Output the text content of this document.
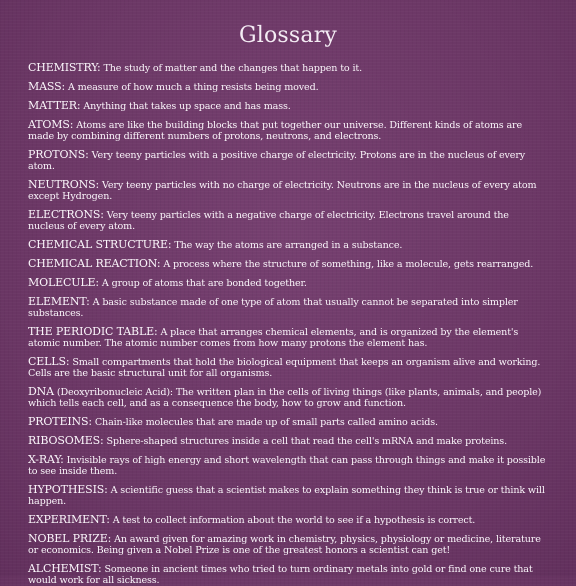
Glossary
CHEMISTRY: The study of matter and the changes that happen to it.
MASS: A measure of how much a thing resists being moved.
MATTER: Anything that takes up space and has mass.
ATOMS: Atoms are like the building blocks that put together our universe. Different kinds of atoms are made by combining different numbers of protons, neutrons, and electrons.
PROTONS: Very teeny particles with a positive charge of electricity. Protons are in the nucleus of every atom.
NEUTRONS: Very teeny particles with no charge of electricity. Neutrons are in the nucleus of every atom except Hydrogen.
ELECTRONS: Very teeny particles with a negative charge of electricity. Electrons travel around the nucleus of every atom.
CHEMICAL STRUCTURE: The way the atoms are arranged in a substance.
CHEMICAL REACTION: A process where the structure of something, like a molecule, gets rearranged.
MOLECULE: A group of atoms that are bonded together.
ELEMENT: A basic substance made of one type of atom that usually cannot be separated into simpler substances.
THE PERIODIC TABLE: A place that arranges chemical elements, and is organized by the element's atomic number. The atomic number comes from how many protons the element has.
CELLS: Small compartments that hold the biological equipment that keeps an organism alive and working. Cells are the basic structural unit for all organisms.
DNA (Deoxyribonucleic Acid): The written plan in the cells of living things (like plants, animals, and people) which tells each cell, and as a consequence the body, how to grow and function.
PROTEINS: Chain-like molecules that are made up of small parts called amino acids.
RIBOSOMES: Sphere-shaped structures inside a cell that read the cell's mRNA and make proteins.
X-RAY: Invisible rays of high energy and short wavelength that can pass through things and make it possible to see inside them.
HYPOTHESIS: A scientific guess that a scientist makes to explain something they think is true or think will happen.
EXPERIMENT: A test to collect information about the world to see if a hypothesis is correct.
NOBEL PRIZE: An award given for amazing work in chemistry, physics, physiology or medicine, literature or economics. Being given a Nobel Prize is one of the greatest honors a scientist can get!
ALCHEMIST: Someone in ancient times who tried to turn ordinary metals into gold or find one cure that would work for all sickness.
